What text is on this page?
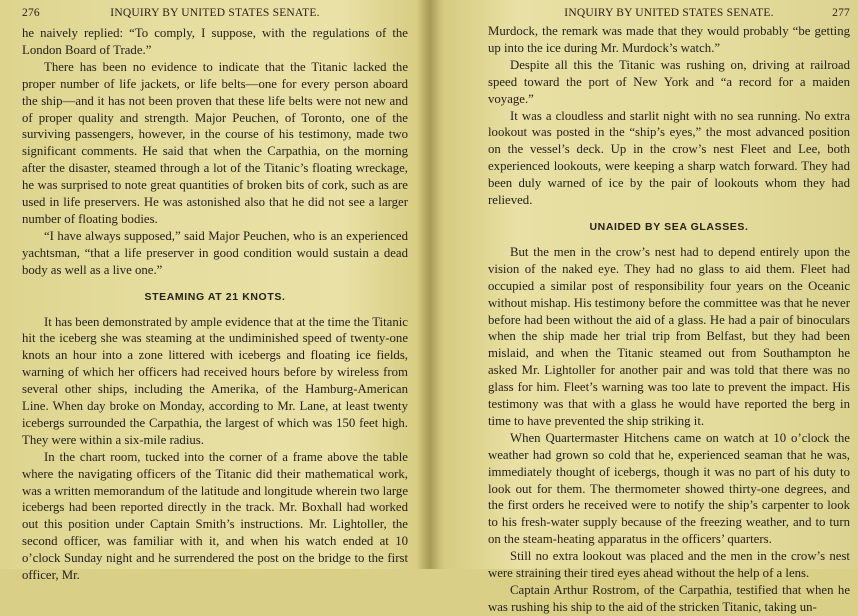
276	INQUIRY BY UNITED STATES SENATE.

he naively replied: “To comply, I suppose, with the regulations of the London Board of Trade.”

There has been no evidence to indicate that the Titanic lacked the proper number of life jackets, or life belts—one for every person aboard the ship—and it has not been proven that these life belts were not new and of proper quality and strength. Major Peuchen, of Toronto, one of the surviving passengers, however, in the course of his testimony, made two significant comments. He said that when the Carpathia, on the morning after the disaster, steamed through a lot of the Titanic’s floating wreckage, he was surprised to note great quantities of broken bits of cork, such as are used in life preservers. He was astonished also that he did not see a larger number of floating bodies.

“I have always supposed,” said Major Peuchen, who is an experienced yachtsman, “that a life preserver in good condition would sustain a dead body as well as a live one.”

STEAMING AT 21 KNOTS.

It has been demonstrated by ample evidence that at the time the Titanic hit the iceberg she was steaming at the undiminished speed of twenty-one knots an hour into a zone littered with icebergs and floating ice fields, warning of which her officers had received hours before by wireless from several other ships, including the Amerika, of the Hamburg-American Line. When day broke on Monday, according to Mr. Lane, at least twenty icebergs surrounded the Carpathia, the largest of which was 150 feet high. They were within a six-mile radius.

In the chart room, tucked into the corner of a frame above the table where the navigating officers of the Titanic did their mathematical work, was a written memorandum of the latitude and longitude wherein two large icebergs had been reported directly in the track. Mr. Boxhall had worked out this position under Captain Smith’s instructions. Mr. Lightoller, the second officer, was familiar with it, and when his watch ended at 10 o’clock Sunday night and he surrendered the post on the bridge to the first officer, Mr.

INQUIRY BY UNITED STATES SENATE.	277

Murdock, the remark was made that they would probably “be getting up into the ice during Mr. Murdock’s watch.”

Despite all this the Titanic was rushing on, driving at railroad speed toward the port of New York and “a record for a maiden voyage.”

It was a cloudless and starlit night with no sea running. No extra lookout was posted in the “ship’s eyes,” the most advanced position on the vessel’s deck. Up in the crow’s nest Fleet and Lee, both experienced lookouts, were keeping a sharp watch forward. They had been duly warned of ice by the pair of lookouts whom they had relieved.

UNAIDED BY SEA GLASSES.

But the men in the crow’s nest had to depend entirely upon the vision of the naked eye. They had no glass to aid them. Fleet had occupied a similar post of responsibility four years on the Oceanic without mishap. His testimony before the committee was that he never before had been without the aid of a glass. He had a pair of binoculars when the ship made her trial trip from Belfast, but they had been mislaid, and when the Titanic steamed out from Southampton he asked Mr. Lightoller for another pair and was told that there was no glass for him. Fleet’s warning was too late to prevent the impact. His testimony was that with a glass he would have reported the berg in time to have prevented the ship striking it.

When Quartermaster Hitchens came on watch at 10 o’clock the weather had grown so cold that he, experienced seaman that he was, immediately thought of icebergs, though it was no part of his duty to look out for them. The thermometer showed thirty-one degrees, and the first orders he received were to notify the ship’s carpenter to look to his fresh-water supply because of the freezing weather, and to turn on the steam-heating apparatus in the officers’ quarters.

Still no extra lookout was placed and the men in the crow’s nest were straining their tired eyes ahead without the help of a lens.

Captain Arthur Rostrom, of the Carpathia, testified that when he was rushing his ship to the aid of the stricken Titanic, taking un-
